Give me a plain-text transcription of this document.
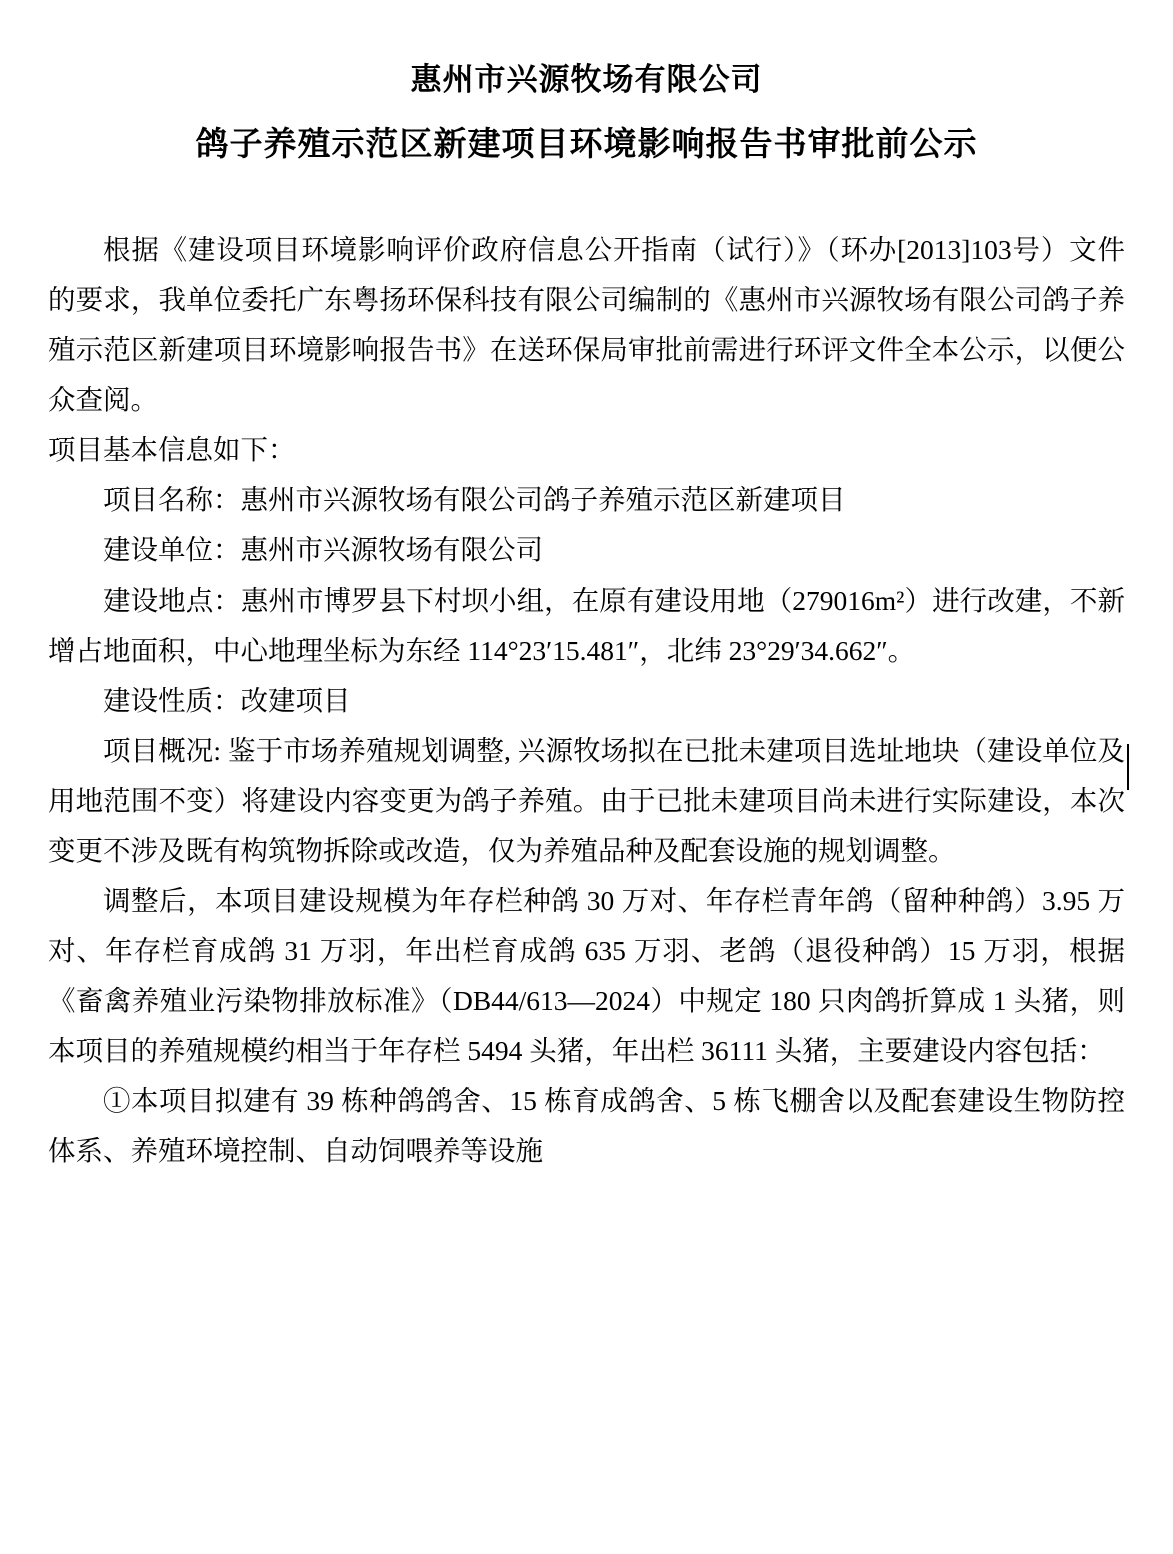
惠州市兴源牧场有限公司
鸽子养殖示范区新建项目环境影响报告书审批前公示

根据《建设项目环境影响评价政府信息公开指南（试行）》（环办[2013]103号）文件的要求，我单位委托广东粤扬环保科技有限公司编制的《惠州市兴源牧场有限公司鸽子养殖示范区新建项目环境影响报告书》在送环保局审批前需进行环评文件全本公示，以便公众查阅。

项目基本信息如下：

项目名称：惠州市兴源牧场有限公司鸽子养殖示范区新建项目

建设单位：惠州市兴源牧场有限公司

建设地点：惠州市博罗县下村坝小组，在原有建设用地（279016m²）进行改建，不新增占地面积，中心地理坐标为东经 114°23′15.481″，北纬 23°29′34.662″。

建设性质：改建项目

项目概况: 鉴于市场养殖规划调整, 兴源牧场拟在已批未建项目选址地块（建设单位及用地范围不变）将建设内容变更为鸽子养殖。由于已批未建项目尚未进行实际建设，本次变更不涉及既有构筑物拆除或改造，仅为养殖品种及配套设施的规划调整。

调整后，本项目建设规模为年存栏种鸽 30 万对、年存栏青年鸽（留种种鸽）3.95 万对、年存栏育成鸽 31 万羽，年出栏育成鸽 635 万羽、老鸽（退役种鸽）15 万羽，根据《畜禽养殖业污染物排放标准》（DB44/613—2024）中规定 180 只肉鸽折算成 1 头猪，则本项目的养殖规模约相当于年存栏 5494 头猪，年出栏 36111 头猪，主要建设内容包括：

①本项目拟建有 39 栋种鸽鸽舍、15 栋育成鸽舍、5 栋飞棚舍以及配套建设生物防控体系、养殖环境控制、自动饲喂养等设施
